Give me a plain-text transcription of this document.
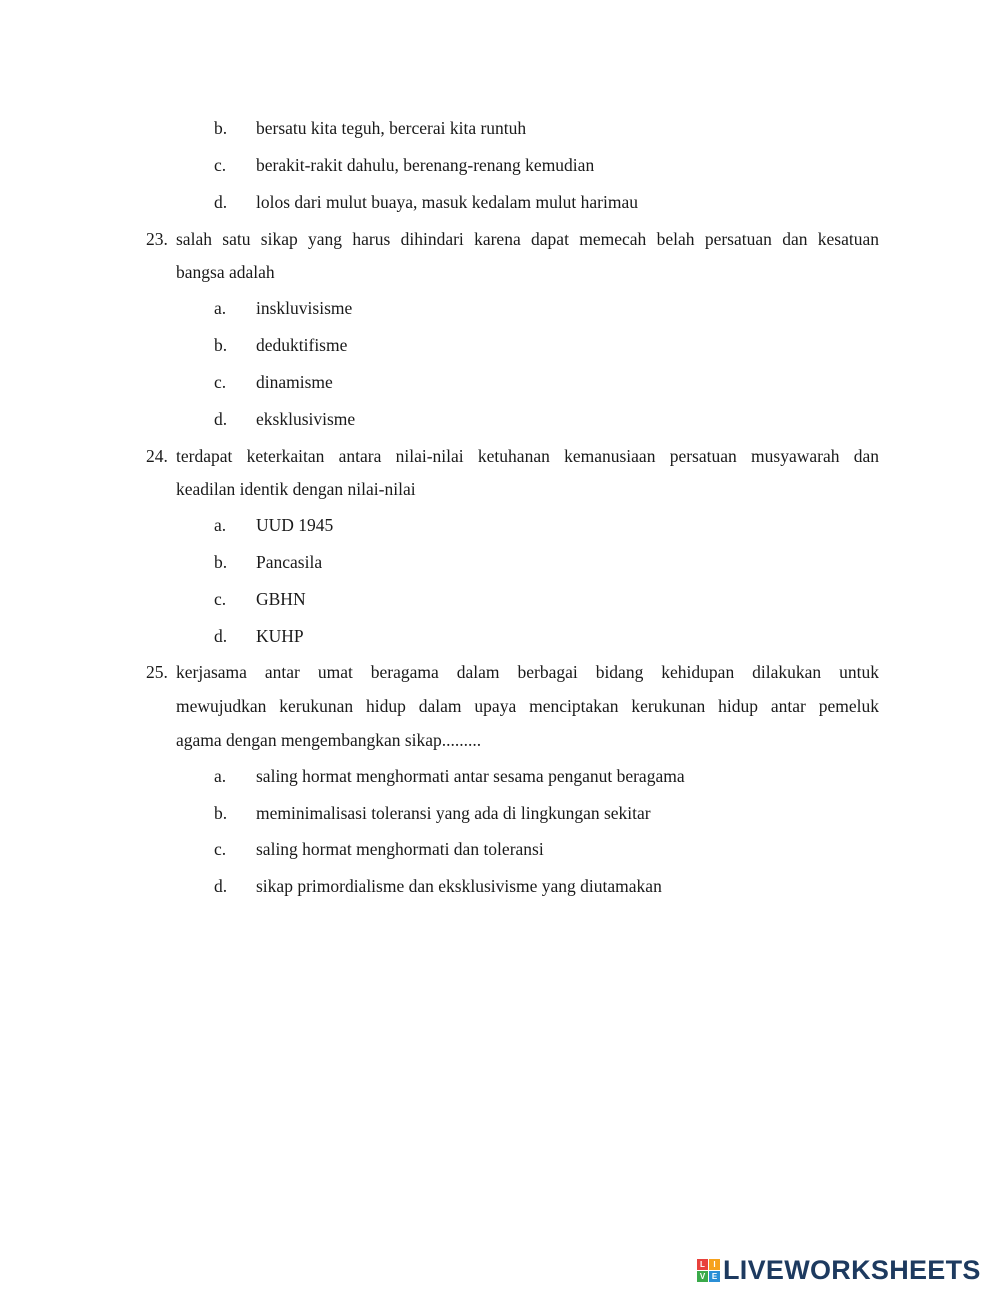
b. bersatu kita teguh, bercerai kita runtuh
c. berakit-rakit dahulu, berenang-renang kemudian
d. lolos dari mulut buaya, masuk kedalam mulut harimau
23. salah satu sikap yang harus dihindari karena dapat memecah belah persatuan dan kesatuan
bangsa adalah
a. inskluvisisme
b. deduktifisme
c. dinamisme
d. eksklusivisme
24. terdapat keterkaitan antara nilai-nilai ketuhanan kemanusiaan persatuan musyawarah dan
keadilan identik dengan nilai-nilai
a. UUD 1945
b. Pancasila
c. GBHN
d. KUHP
25. kerjasama antar umat beragama dalam berbagai bidang kehidupan dilakukan untuk
mewujudkan kerukunan hidup dalam upaya menciptakan kerukunan hidup antar pemeluk
agama dengan mengembangkan sikap.........
a. saling hormat menghormati antar sesama penganut beragama
b. meminimalisasi toleransi yang ada di lingkungan sekitar
c. saling hormat menghormati dan toleransi
d. sikap primordialisme dan eksklusivisme yang diutamakan
L	I
V E LIVEWORKSHEETS
